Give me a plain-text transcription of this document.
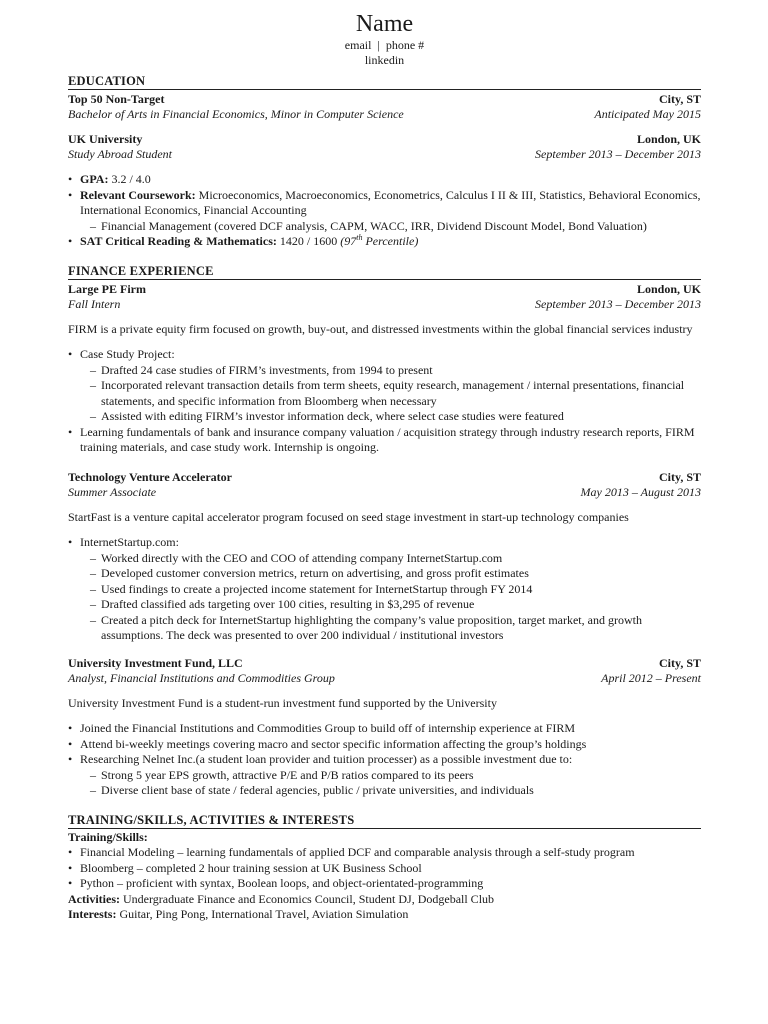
Name
email  |  phone #
linkedin
EDUCATION
Top 50 Non-Target	City, ST
Bachelor of Arts in Financial Economics, Minor in Computer Science	Anticipated May 2015
UK University	London, UK
Study Abroad Student	September 2013 – December 2013
• GPA: 3.2 / 4.0
• Relevant Coursework: Microeconomics, Macroeconomics, Econometrics, Calculus I II & III, Statistics, Behavioral Economics, International Economics, Financial Accounting
– Financial Management (covered DCF analysis, CAPM, WACC, IRR, Dividend Discount Model, Bond Valuation)
• SAT Critical Reading & Mathematics: 1420 / 1600 (97th Percentile)
FINANCE EXPERIENCE
Large PE Firm	London, UK
Fall Intern	September 2013 – December 2013

FIRM is a private equity firm focused on growth, buy-out, and distressed investments within the global financial services industry

• Case Study Project:
– Drafted 24 case studies of FIRM’s investments, from 1994 to present
– Incorporated relevant transaction details from term sheets, equity research, management / internal presentations, financial statements, and specific information from Bloomberg when necessary
– Assisted with editing FIRM’s investor information deck, where select case studies were featured
• Learning fundamentals of bank and insurance company valuation / acquisition strategy through industry research reports, FIRM training materials, and case study work. Internship is ongoing.
Technology Venture Accelerator	City, ST
Summer Associate	May 2013 – August 2013

StartFast is a venture capital accelerator program focused on seed stage investment in start-up technology companies

• InternetStartup.com:
– Worked directly with the CEO and COO of attending company InternetStartup.com
– Developed customer conversion metrics, return on advertising, and gross profit estimates
– Used findings to create a projected income statement for InternetStartup through FY 2014
– Drafted classified ads targeting over 100 cities, resulting in $3,295 of revenue
– Created a pitch deck for InternetStartup highlighting the company’s value proposition, target market, and growth assumptions. The deck was presented to over 200 individual / institutional investors
University Investment Fund, LLC	City, ST
Analyst, Financial Institutions and Commodities Group	April 2012 – Present

University Investment Fund is a student-run investment fund supported by the University

• Joined the Financial Institutions and Commodities Group to build off of internship experience at FIRM
• Attend bi-weekly meetings covering macro and sector specific information affecting the group’s holdings
• Researching Nelnet Inc.(a student loan provider and tuition processer) as a possible investment due to:
– Strong 5 year EPS growth, attractive P/E and P/B ratios compared to its peers
– Diverse client base of state / federal agencies, public / private universities, and individuals
TRAINING/SKILLS, ACTIVITIES & INTERESTS
Training/Skills:
• Financial Modeling – learning fundamentals of applied DCF and comparable analysis through a self-study program
• Bloomberg – completed 2 hour training session at UK Business School
• Python – proficient with syntax, Boolean loops, and object-orientated-programming
Activities: Undergraduate Finance and Economics Council, Student DJ, Dodgeball Club
Interests: Guitar, Ping Pong, International Travel, Aviation Simulation
